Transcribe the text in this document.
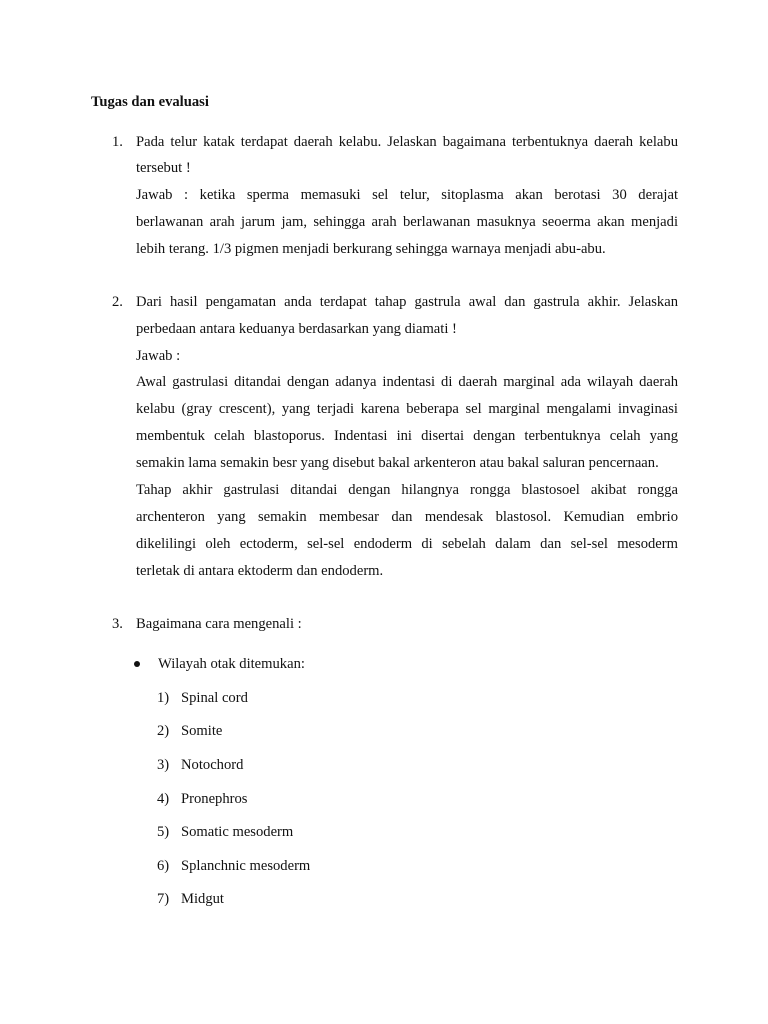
Tugas dan evaluasi
1. Pada telur katak terdapat daerah kelabu. Jelaskan bagaimana terbentuknya daerah kelabu
tersebut !
Jawab : ketika sperma memasuki sel telur, sitoplasma akan berotasi 30 derajat
berlawanan arah jarum jam, sehingga arah berlawanan masuknya seoerma akan menjadi
lebih terang. 1/3 pigmen menjadi berkurang sehingga warnaya menjadi abu-abu.
2. Dari hasil pengamatan anda terdapat tahap gastrula awal dan gastrula akhir. Jelaskan
perbedaan antara keduanya berdasarkan yang diamati !
Jawab :
Awal gastrulasi ditandai dengan adanya indentasi di daerah marginal ada wilayah daerah
kelabu (gray crescent), yang terjadi karena beberapa sel marginal mengalami invaginasi
membentuk celah blastoporus. Indentasi ini disertai dengan terbentuknya celah yang
semakin lama semakin besr yang disebut bakal arkenteron atau bakal saluran pencernaan.
Tahap akhir gastrulasi ditandai dengan hilangnya rongga blastosoel akibat rongga
archenteron yang semakin membesar dan mendesak blastosol. Kemudian embrio
dikelilingi oleh ectoderm, sel-sel endoderm di sebelah dalam dan sel-sel mesoderm
terletak di antara ektoderm dan endoderm.
3. Bagaimana cara mengenali :
Wilayah otak ditemukan:
1) Spinal cord
2) Somite
3) Notochord
4) Pronephros
5) Somatic mesoderm
6) Splanchnic mesoderm
7) Midgut
